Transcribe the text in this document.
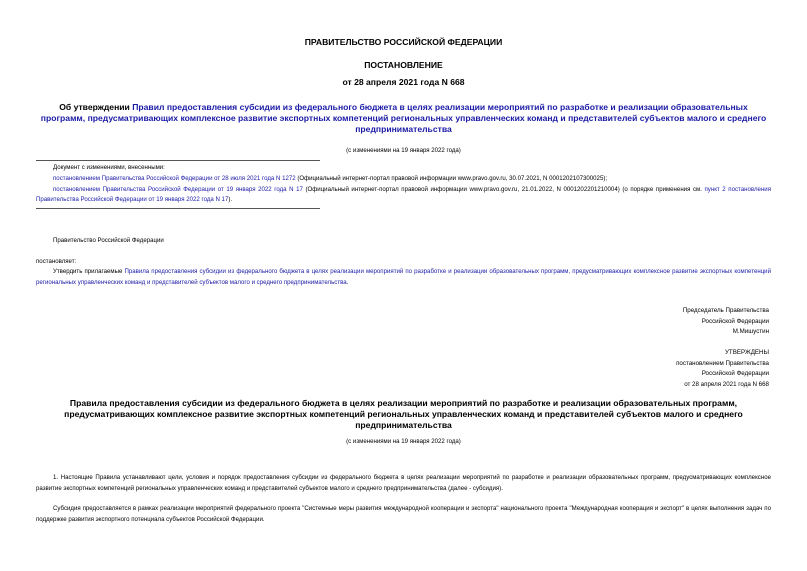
ПРАВИТЕЛЬСТВО РОССИЙСКОЙ ФЕДЕРАЦИИ
ПОСТАНОВЛЕНИЕ
от 28 апреля 2021 года N 668
Об утверждении Правил предоставления субсидии из федерального бюджета в целях реализации мероприятий по разработке и реализации образовательных программ, предусматривающих комплексное развитие экспортных компетенций региональных управленческих команд и представителей субъектов малого и среднего предпринимательства
(с изменениями на 19 января 2022 года)
Документ с изменениями, внесенными:
постановлением Правительства Российской Федерации от 28 июля 2021 года N 1272 (Официальный интернет-портал правовой информации www.pravo.gov.ru, 30.07.2021, N 0001202107300025);
постановлением Правительства Российской Федерации от 19 января 2022 года N 17 (Официальный интернет-портал правовой информации www.pravo.gov.ru, 21.01.2022, N 0001202201210004) (о порядке применения см. пункт 2 постановления Правительства Российской Федерации от 19 января 2022 года N 17).
Правительство Российской Федерации
постановляет:
Утвердить прилагаемые Правила предоставления субсидии из федерального бюджета в целях реализации мероприятий по разработке и реализации образовательных программ, предусматривающих комплексное развитие экспортных компетенций региональных управленческих команд и представителей субъектов малого и среднего предпринимательства.
Председатель Правительства
Российской Федерации
М.Мишустин
УТВЕРЖДЕНЫ
постановлением Правительства
Российской Федерации
от 28 апреля 2021 года N 668
Правила предоставления субсидии из федерального бюджета в целях реализации мероприятий по разработке и реализации образовательных программ, предусматривающих комплексное развитие экспортных компетенций региональных управленческих команд и представителей субъектов малого и среднего предпринимательства
(с изменениями на 19 января 2022 года)
1. Настоящие Правила устанавливают цели, условия и порядок предоставления субсидии из федерального бюджета в целях реализации мероприятий по разработке и реализации образовательных программ, предусматривающих комплексное развитие экспортных компетенций региональных управленческих команд и представителей субъектов малого и среднего предпринимательства (далее - субсидия).
Субсидия предоставляется в рамках реализации мероприятий федерального проекта "Системные меры развития международной кооперации и экспорта" национального проекта "Международная кооперация и экспорт" в целях выполнения задач по поддержке развития экспортного потенциала субъектов Российской Федерации.
